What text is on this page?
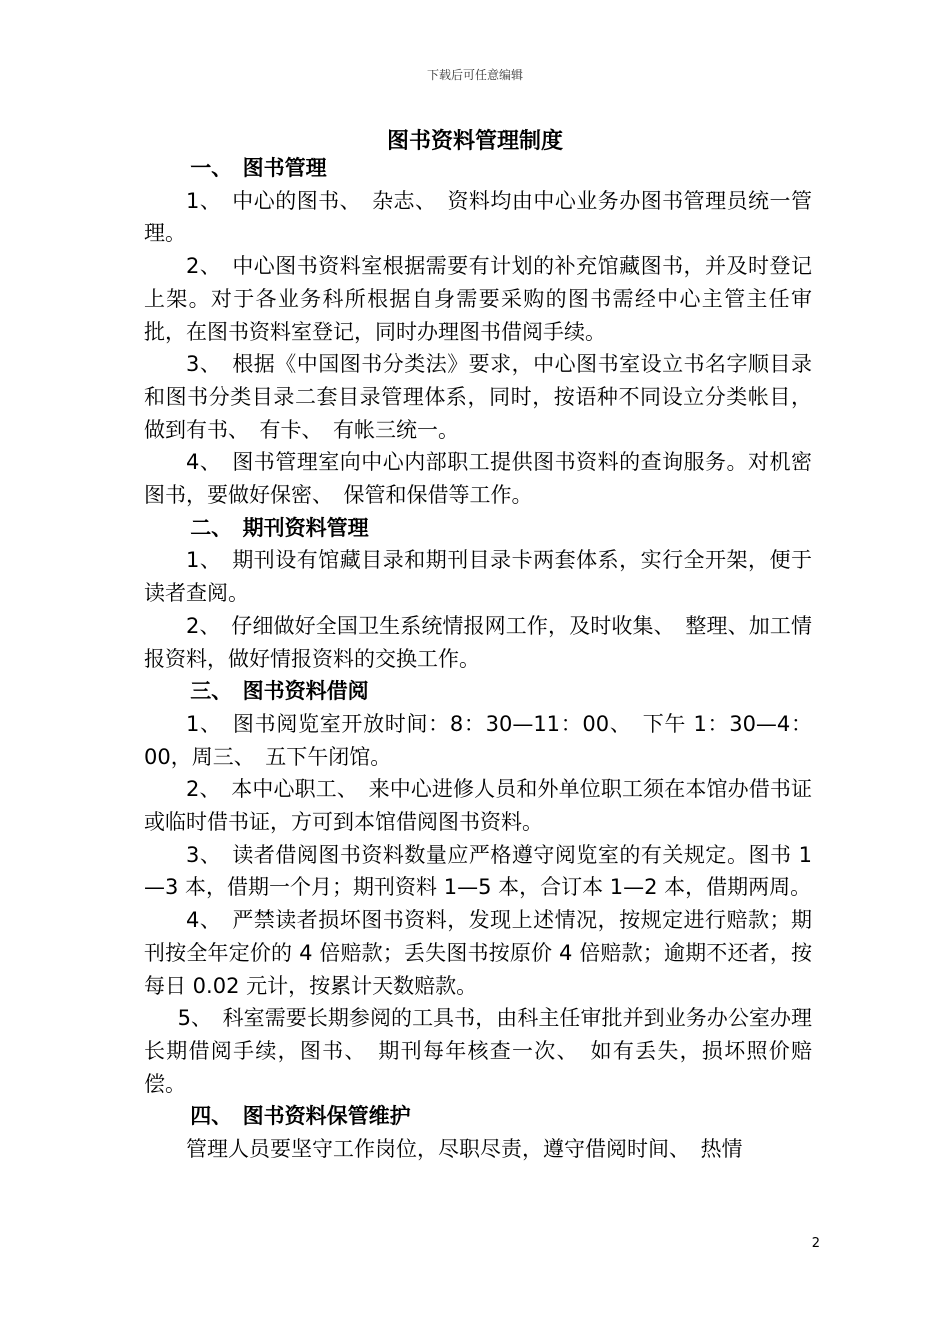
下载后可任意编辑
图书资料管理制度

一、　图书管理

1、　中心的图书、　杂志、　资料均由中心业务办图书管理员统一管理。

2、　中心图书资料室根据需要有计划的补充馆藏图书，并及时登记上架。对于各业务科所根据自身需要采购的图书需经中心主管主任审批，在图书资料室登记，同时办理图书借阅手续。

3、　根据《中国图书分类法》要求，中心图书室设立书名字顺目录和图书分类目录二套目录管理体系，同时，按语种不同设立分类帐目，做到有书、　有卡、　有帐三统一。

4、　图书管理室向中心内部职工提供图书资料的查询服务。对机密图书，要做好保密、　保管和保借等工作。

二、　期刊资料管理

1、　期刊设有馆藏目录和期刊目录卡两套体系，实行全开架，便于读者查阅。

2、　仔细做好全国卫生系统情报网工作，及时收集、　整理、加工情报资料，做好情报资料的交换工作。

三、　图书资料借阅

1、　图书阅览室开放时间：8：30—11：00、　下午 1：30—4：00，周三、　五下午闭馆。

2、　本中心职工、　来中心进修人员和外单位职工须在本馆办借书证或临时借书证，方可到本馆借阅图书资料。

3、　读者借阅图书资料数量应严格遵守阅览室的有关规定。图书 1—3 本，借期一个月；期刊资料 1—5 本，合订本 1—2 本，借期两周。

4、　严禁读者损坏图书资料，发现上述情况，按规定进行赔款；期刊按全年定价的 4 倍赔款；丢失图书按原价 4 倍赔款；逾期不还者，按每日 0.02 元计，按累计天数赔款。

5、　科室需要长期参阅的工具书，由科主任审批并到业务办公室办理长期借阅手续，图书、　期刊每年核查一次、　如有丢失，损坏照价赔偿。

四、　图书资料保管维护

管理人员要坚守工作岗位，尽职尽责，遵守借阅时间、　热情

2
